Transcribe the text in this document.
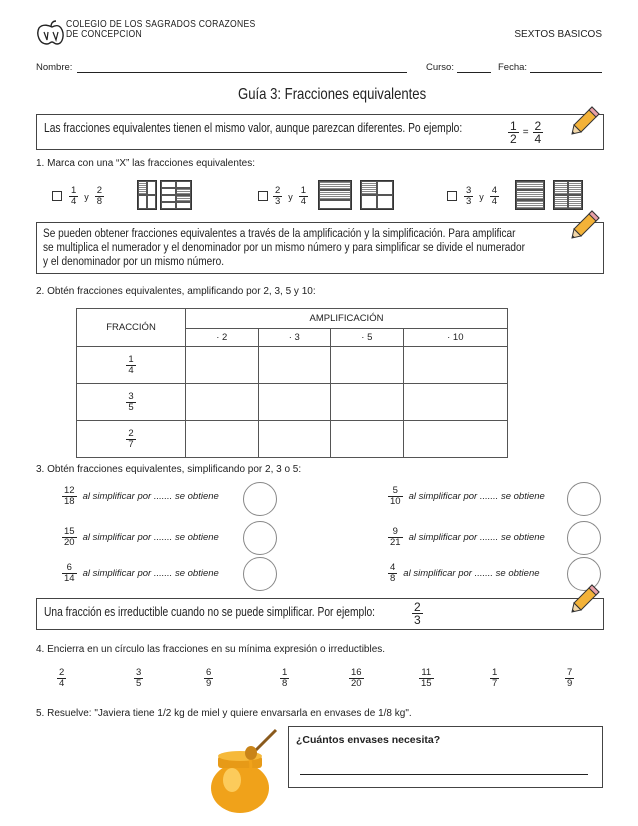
COLEGIO DE LOS SAGRADOS CORAZONES
DE CONCEPCION	SEXTOS BASICOS
Nombre:	Curso:	Fecha:
Guía 3: Fracciones equivalentes
Las fracciones equivalentes tienen el mismo valor, aunque parezcan diferentes. Po ejemplo:	$\frac{1}{2} = \frac{2}{4}$
1. Marca con una “X” las fracciones equivalentes:
$\frac{1}{4}$ y $\frac{2}{8}$	$\frac{2}{3}$ y $\frac{1}{4}$	$\frac{3}{3}$ y $\frac{4}{4}$
Se pueden obtener fracciones equivalentes a través de la amplificación y la simplificación. Para amplificar
se multiplica el numerador y el denominador por un mismo número y para simplificar se divide el numerador
y el denominador por un mismo número.
2. Obtén fracciones equivalentes, amplificando por 2, 3, 5 y 10:
FRACCIÓN	AMPLIFICACIÓN			
	· 2	· 3	· 5	· 10

$\frac{1}{4}$

$\frac{3}{5}$

$\frac{2}{7}$

3. Obtén fracciones equivalentes, simplificando por 2, 3 o 5:
$\frac{12}{18}$ al simplificar por ....... se obtiene
$\frac{15}{20}$ al simplificar por ....... se obtiene
$\frac{6}{14}$ al simplificar por ....... se obtiene
$\frac{5}{10}$ al simplificar por ....... se obtiene
$\frac{9}{21}$ al simplificar por ....... se obtiene
$\frac{4}{8}$ al simplificar por ....... se obtiene
Una fracción es irreductible cuando no se puede simplificar. Por ejemplo:	$\frac{2}{3}$
4. Encierra en un círculo las fracciones en su mínima expresión o irreductibles.
$\frac{2}{4}$	$\frac{3}{5}$	$\frac{6}{9}$	$\frac{1}{8}$	$\frac{16}{20}$	$\frac{11}{15}$	$\frac{1}{7}$	$\frac{7}{9}$
5. Resuelve: "Javiera tiene 1/2 kg de miel y quiere envarsarla en envases de 1/8 kg".
¿Cuántos envases necesita?
